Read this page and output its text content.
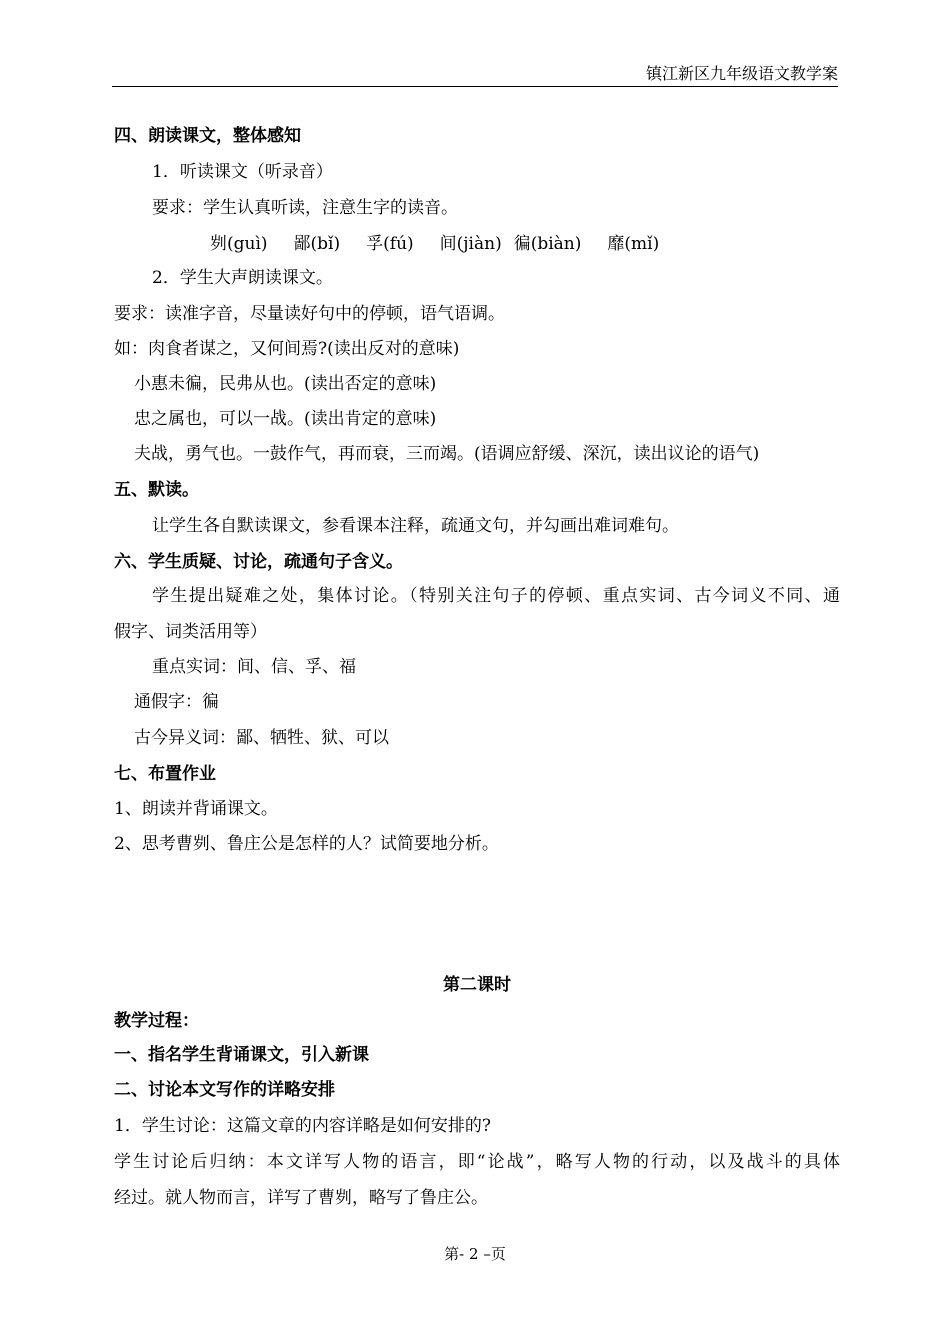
镇江新区九年级语文教学案
四、朗读课文，整体感知
1．听读课文（听录音）
要求：学生认真听读，注意生字的读音。
刿(guì) 鄙(bǐ) 孚(fú) 间(jiàn) 徧(biàn) 靡(mǐ)
2．学生大声朗读课文。
要求：读准字音，尽量读好句中的停顿，语气语调。
如：肉食者谋之，又何间焉?(读出反对的意味)
小惠未徧，民弗从也。(读出否定的意味)
忠之属也，可以一战。(读出肯定的意味)
夫战，勇气也。一鼓作气，再而衰，三而竭。(语调应舒缓、深沉，读出议论的语气)
五、默读。
让学生各自默读课文，参看课本注释，疏通文句，并勾画出难词难句。
六、学生质疑、讨论，疏通句子含义。
学生提出疑难之处，集体讨论。（特别关注句子的停顿、重点实词、古今词义不同、通
假字、词类活用等）
重点实词：间、信、孚、福
通假字：徧
古今异义词：鄙、牺牲、狱、可以
七、布置作业
1、朗读并背诵课文。
2、思考曹刿、鲁庄公是怎样的人？试简要地分析。
第二课时
教学过程：
一、指名学生背诵课文，引入新课
二、讨论本文写作的详略安排
1．学生讨论：这篇文章的内容详略是如何安排的?
学生讨论后归纳：本文详写人物的语言，即“论战”，略写人物的行动，以及战斗的具体
经过。就人物而言，详写了曹刿，略写了鲁庄公。
第- 2 –页
